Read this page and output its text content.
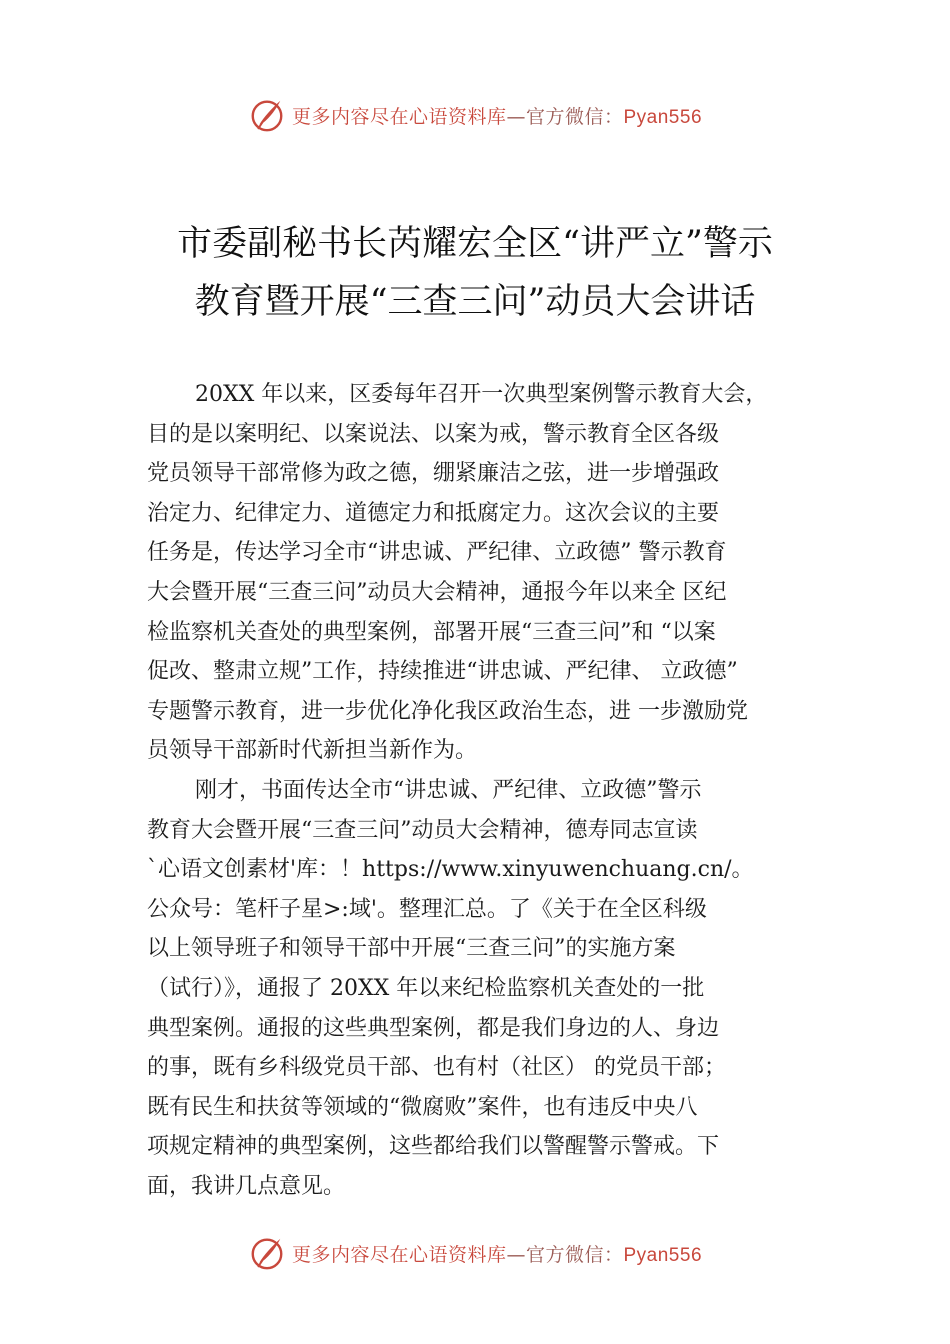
更多内容尽在心语资料库—官方微信：Pyan556
市委副秘书长芮耀宏全区“讲严立”警示
教育暨开展“三查三问”动员大会讲话
20XX 年以来，区委每年召开一次典型案例警示教育大会，
目的是以案明纪、以案说法、以案为戒，警示教育全区各级
党员领导干部常修为政之德，绷紧廉洁之弦，进一步增强政
治定力、纪律定力、道德定力和抵腐定力。这次会议的主要
任务是，传达学习全市“讲忠诚、严纪律、立政德” 警示教育
大会暨开展“三查三问”动员大会精神，通报今年以来全 区纪
检监察机关查处的典型案例，部署开展“三查三问”和 “以案
促改、整肃立规”工作，持续推进“讲忠诚、严纪律、 立政德”
专题警示教育，进一步优化净化我区政治生态，进 一步激励党
员领导干部新时代新担当新作为。
刚才，书面传达全市“讲忠诚、严纪律、立政德”警示
教育大会暨开展“三查三问”动员大会精神，德寿同志宣读
`心语文创素材'库：！https://www.xinyuwenchuang.cn/。
公众号：笔杆子星>:域'。整理汇总。了《关于在全区科级
以上领导班子和领导干部中开展“三查三问”的实施方案
（试行）》，通报了 20XX 年以来纪检监察机关查处的一批
典型案例。通报的这些典型案例，都是我们身边的人、身边
的事，既有乡科级党员干部、也有村（社区） 的党员干部；
既有民生和扶贫等领域的“微腐败”案件，也有违反中央八
项规定精神的典型案例，这些都给我们以警醒警示警戒。下
面，我讲几点意见。
更多内容尽在心语资料库—官方微信：Pyan556
